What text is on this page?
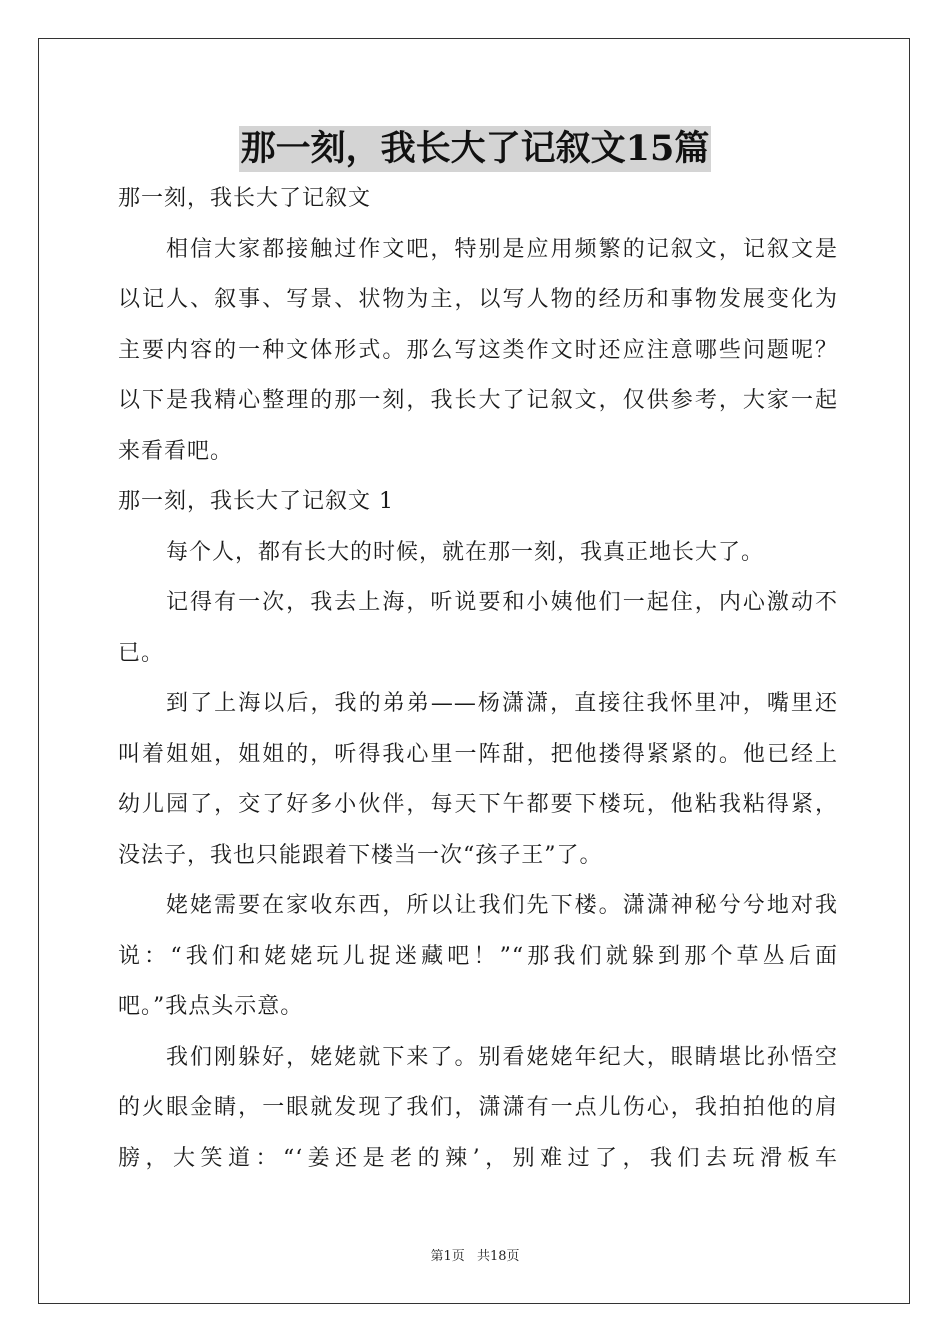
那一刻，我长大了记叙文15篇
那一刻，我长大了记叙文
相信大家都接触过作文吧，特别是应用频繁的记叙文，记叙文是
以记人、叙事、写景、状物为主，以写人物的经历和事物发展变化为
主要内容的一种文体形式。那么写这类作文时还应注意哪些问题呢？
以下是我精心整理的那一刻，我长大了记叙文，仅供参考，大家一起
来看看吧。
那一刻，我长大了记叙文 1
每个人，都有长大的时候，就在那一刻，我真正地长大了。
记得有一次，我去上海，听说要和小姨他们一起住，内心激动不
已。
到了上海以后，我的弟弟——杨潇潇，直接往我怀里冲，嘴里还
叫着姐姐，姐姐的，听得我心里一阵甜，把他搂得紧紧的。他已经上
幼儿园了，交了好多小伙伴，每天下午都要下楼玩，他粘我粘得紧，
没法子，我也只能跟着下楼当一次“孩子王”了。
姥姥需要在家收东西，所以让我们先下楼。潇潇神秘兮兮地对我
说：“我们和姥姥玩儿捉迷藏吧！”“那我们就躲到那个草丛后面
吧。”我点头示意。
我们刚躲好，姥姥就下来了。别看姥姥年纪大，眼睛堪比孙悟空
的火眼金睛，一眼就发现了我们，潇潇有一点儿伤心，我拍拍他的肩
膀，大笑道：“‘姜还是老的辣’，别难过了，我们去玩滑板车
第1页 共18页
